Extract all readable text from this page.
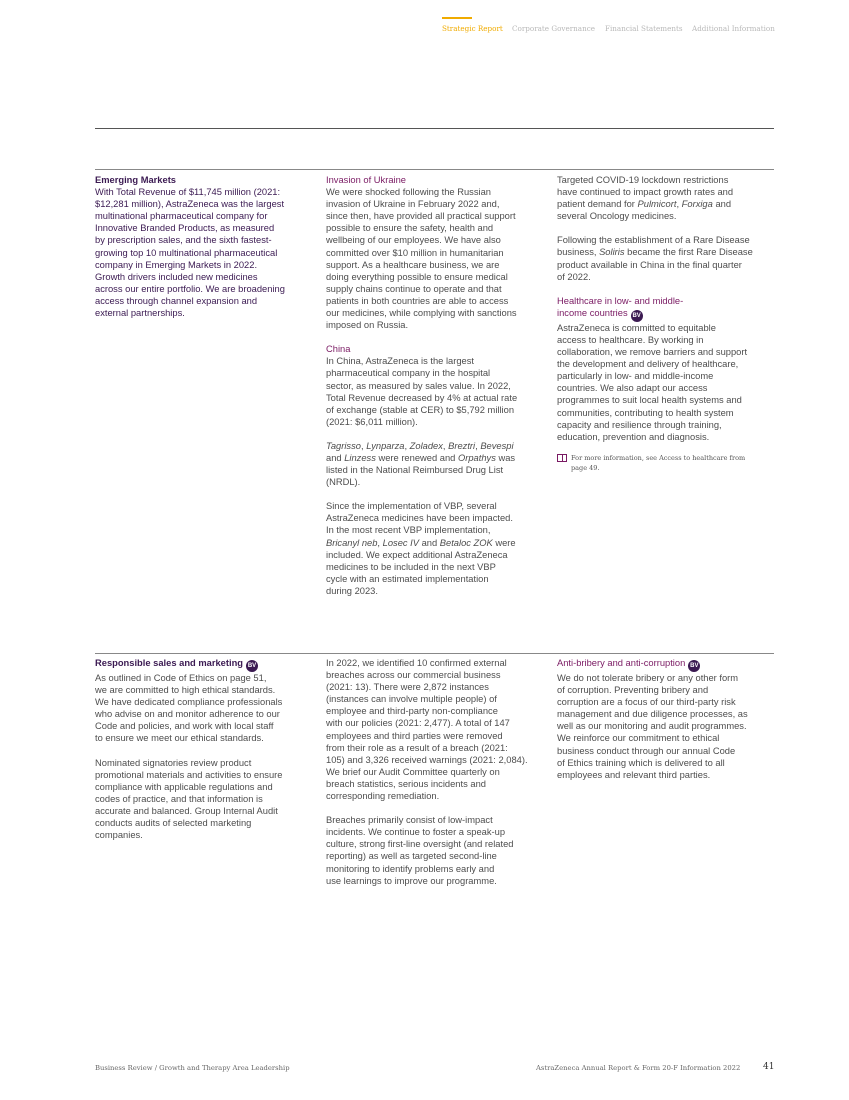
Strategic Report Corporate Governance Financial Statements Additional Information

Emerging Markets

With Total Revenue of $11,745 million (2021:

$12,281 million), AstraZeneca was the largest

multinational pharmaceutical company for

Innovative Branded Products, as measured

by prescription sales, and the sixth fastest-

growing top 10 multinational pharmaceutical

company in Emerging Markets in 2022.

Growth drivers included new medicines

across our entire portfolio. We are broadening

access through channel expansion and

external partnerships.

Invasion of Ukraine

We were shocked following the Russian

invasion of Ukraine in February 2022 and,

since then, have provided all practical support

possible to ensure the safety, health and

wellbeing of our employees. We have also

committed over $10 million in humanitarian

support. As a healthcare business, we are

doing everything possible to ensure medical

supply chains continue to operate and that

patients in both countries are able to access

our medicines, while complying with sanctions

imposed on Russia.

China

In China, AstraZeneca is the largest

pharmaceutical company in the hospital

sector, as measured by sales value. In 2022,

Total Revenue decreased by 4% at actual rate

of exchange (stable at CER) to $5,792 million

(2021: $6,011 million).

Tagrisso, Lynparza, Zoladex, Breztri, Bevespi

and Linzess were renewed and Orpathys was

listed in the National Reimbursed Drug List

(NRDL).

Since the implementation of VBP, several

AstraZeneca medicines have been impacted.

In the most recent VBP implementation,

Bricanyl neb, Losec IV and Betaloc ZOK were

included. We expect additional AstraZeneca

medicines to be included in the next VBP

cycle with an estimated implementation

during 2023.

Targeted COVID-19 lockdown restrictions

have continued to impact growth rates and

patient demand for Pulmicort, Forxiga and

several Oncology medicines.

Following the establishment of a Rare Disease

business, Soliris became the first Rare Disease

product available in China in the final quarter

of 2022.

Healthcare in low- and middle-

income countries BV

AstraZeneca is committed to equitable

access to healthcare. By working in

collaboration, we remove barriers and support

the development and delivery of healthcare,

particularly in low- and middle-income

countries. We also adapt our access

programmes to suit local health systems and

communities, contributing to health system

capacity and resilience through training,

education, prevention and diagnosis.

For more information, see Access to healthcare from
page 49.

Responsible sales and marketing BV

As outlined in Code of Ethics on page 51,

we are committed to high ethical standards.

We have dedicated compliance professionals

who advise on and monitor adherence to our

Code and policies, and work with local staff

to ensure we meet our ethical standards.

Nominated signatories review product

promotional materials and activities to ensure

compliance with applicable regulations and

codes of practice, and that information is

accurate and balanced. Group Internal Audit

conducts audits of selected marketing

companies.

In 2022, we identified 10 confirmed external

breaches across our commercial business

(2021: 13). There were 2,872 instances

(instances can involve multiple people) of

employee and third-party non-compliance

with our policies (2021: 2,477). A total of 147

employees and third parties were removed

from their role as a result of a breach (2021:

105) and 3,326 received warnings (2021: 2,084).

We brief our Audit Committee quarterly on

breach statistics, serious incidents and

corresponding remediation.

Breaches primarily consist of low-impact

incidents. We continue to foster a speak-up

culture, strong first-line oversight (and related

reporting) as well as targeted second-line

monitoring to identify problems early and

use learnings to improve our programme.

Anti-bribery and anti-corruption BV

We do not tolerate bribery or any other form

of corruption. Preventing bribery and

corruption are a focus of our third-party risk

management and due diligence processes, as

well as our monitoring and audit programmes.

We reinforce our commitment to ethical

business conduct through our annual Code

of Ethics training which is delivered to all

employees and relevant third parties.

Business Review / Growth and Therapy Area Leadership	AstraZeneca Annual Report & Form 20-F Information 2022	41
